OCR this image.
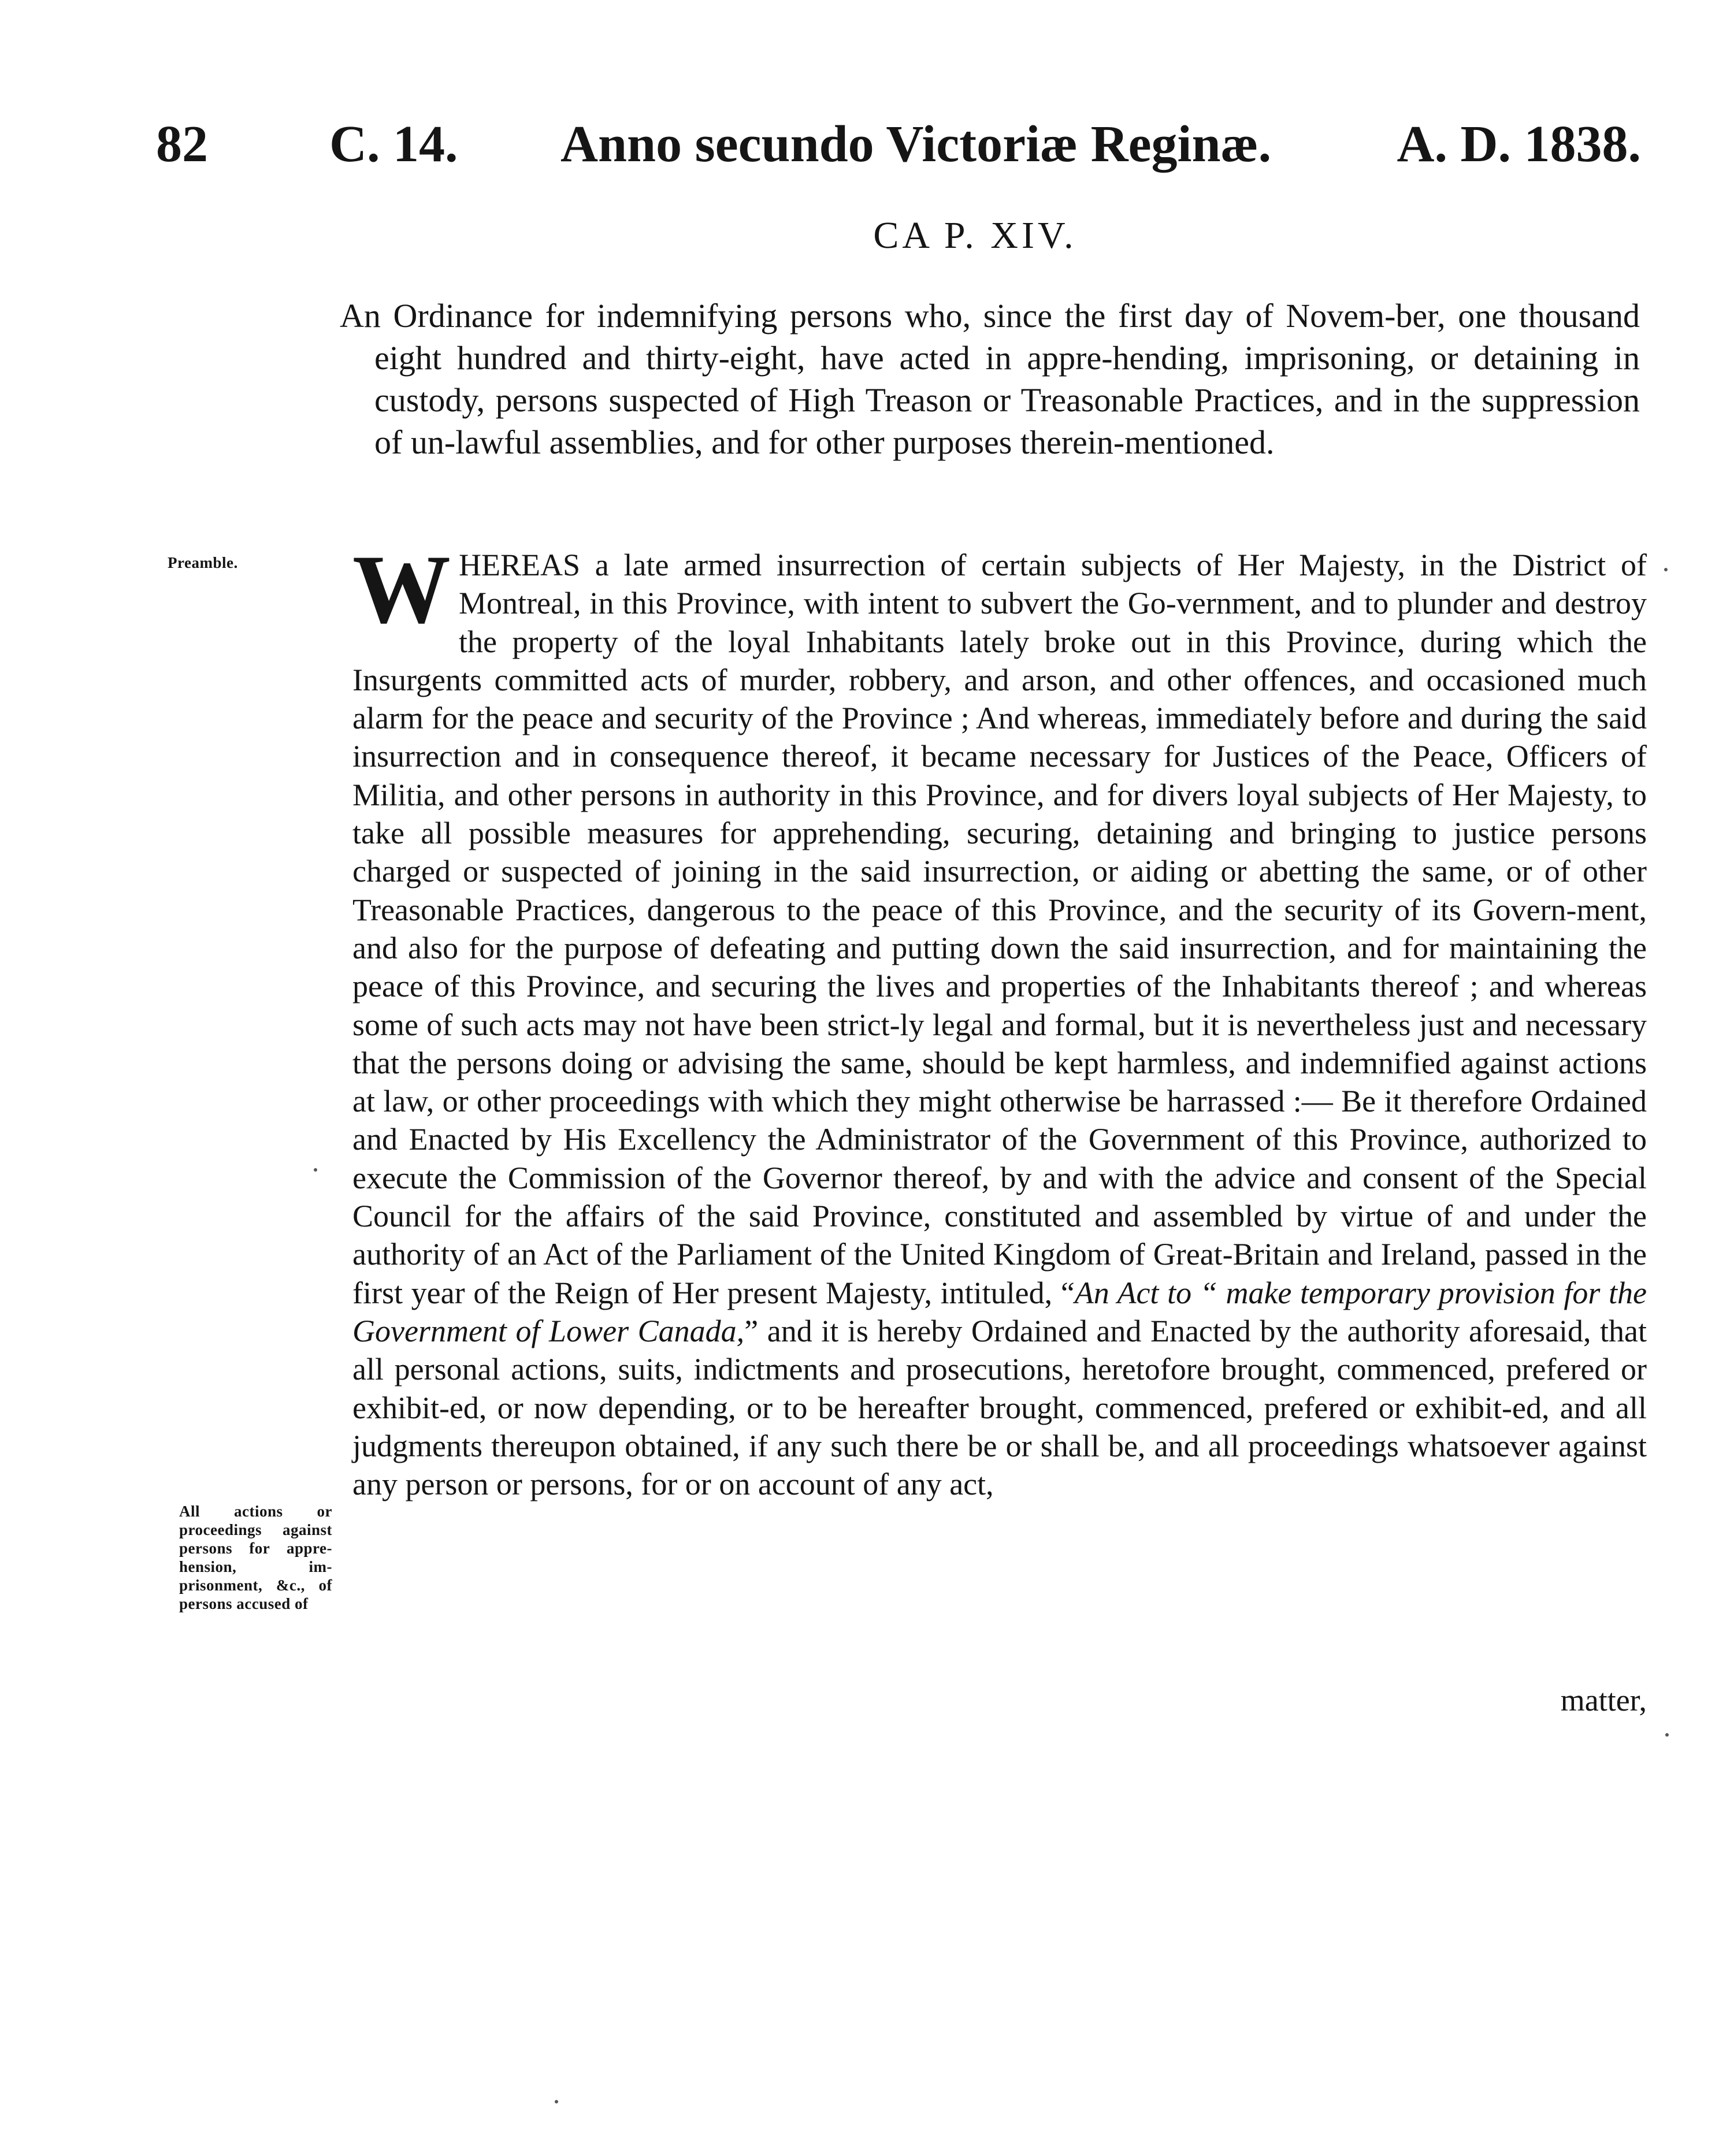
82 C. 14. Anno secundo Victoriæ Reginæ. A. D. 1838.
CA P. XIV.
An Ordinance for indemnifying persons who, since the first day of Novem-ber, one thousand eight hundred and thirty-eight, have acted in appre-hending, imprisoning, or detaining in custody, persons suspected of High Treason or Treasonable Practices, and in the suppression of un-lawful assemblies, and for other purposes therein-mentioned.
Preamble.
All actions or proceedings against persons for appre-hension, im-prisonment, &c., of persons accused of
WHEREAS a late armed insurrection of certain subjects of Her Majesty, in the District of Montreal, in this Province, with intent to subvert the Go-vernment, and to plunder and destroy the property of the loyal Inhabitants lately broke out in this Province, during which the Insurgents committed acts of murder, robbery, and arson, and other offences, and occasioned much alarm for the peace and security of the Province ; And whereas, immediately before and during the said insurrection and in consequence thereof, it became necessary for Justices of the Peace, Officers of Militia, and other persons in authority in this Province, and for divers loyal subjects of Her Majesty, to take all possible measures for apprehending, securing, detaining and bringing to justice persons charged or suspected of joining in the said insurrection, or aiding or abetting the same, or of other Treasonable Practices, dangerous to the peace of this Province, and the security of its Govern-ment, and also for the purpose of defeating and putting down the said insurrection, and for maintaining the peace of this Province, and securing the lives and properties of the Inhabitants thereof ; and whereas some of such acts may not have been strict-ly legal and formal, but it is nevertheless just and necessary that the persons doing or advising the same, should be kept harmless, and indemnified against actions at law, or other proceedings with which they might otherwise be harrassed :— Be it therefore Ordained and Enacted by His Excellency the Administrator of the Government of this Province, authorized to execute the Commission of the Governor thereof, by and with the advice and consent of the Special Council for the affairs of the said Province, constituted and assembled by virtue of and under the authority of an Act of the Parliament of the United Kingdom of Great-Britain and Ireland, passed in the first year of the Reign of Her present Majesty, intituled, “An Act to “ make temporary provision for the Government of Lower Canada,” and it is hereby Ordained and Enacted by the authority aforesaid, that all personal actions, suits, indictments and prosecutions, heretofore brought, commenced, prefered or exhibit-ed, or now depending, or to be hereafter brought, commenced, prefered or exhibit-ed, and all judgments thereupon obtained, if any such there be or shall be, and all proceedings whatsoever against any person or persons, for or on account of any act,
matter,
